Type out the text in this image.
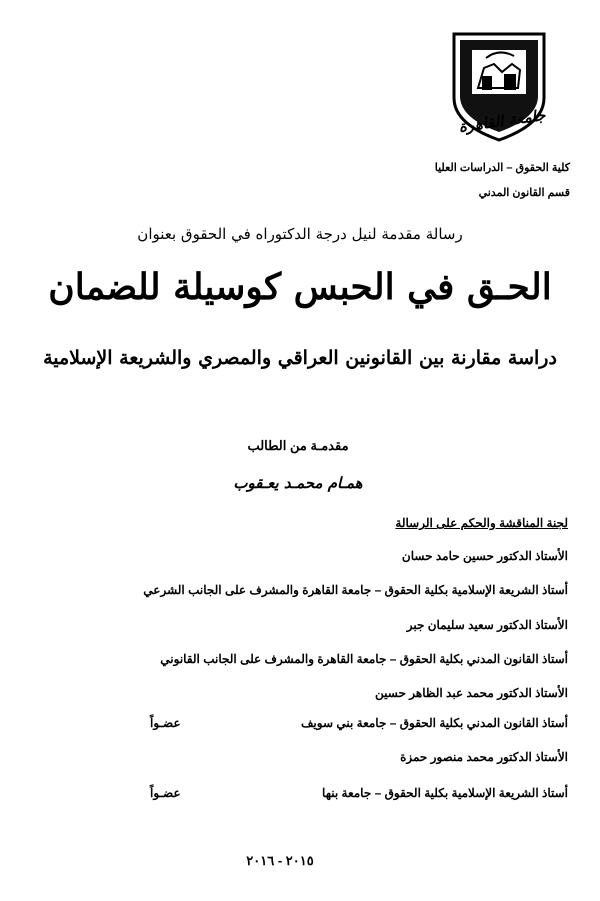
جامعة القاهرة
كلية الحقوق – الدراسات العليا
قسم القانون المدني
رسالة مقدمة لنيل درجة الدكتوراه في الحقوق بعنوان
الحـق في الحبس كوسيلة للضمان
دراسة مقارنة بين القانونين العراقي والمصري والشريعة الإسلامية
مقدمـة من الطالب
همـام محمـد يعـقوب
لجنة المناقشة والحكم على الرسالة
الأستاذ الدكتور حسين حامد حسان
أستاذ الشريعة الإسلامية بكلية الحقوق – جامعة القاهرة والمشرف على الجانب الشرعي
الأستاذ الدكتور سعيد سليمان جبر
أستاذ القانون المدني بكلية الحقوق – جامعة القاهرة والمشرف على الجانب القانوني
الأستاذ الدكتور محمد عبد الظاهر حسين
أستاذ القانون المدني بكلية الحقوق – جامعة بني سويف
عضـواً
الأستاذ الدكتور محمد منصور حمزة
أستاذ الشريعة الإسلامية بكلية الحقوق – جامعة بنها
عضـواً
٢٠١٥ - ٢٠١٦
